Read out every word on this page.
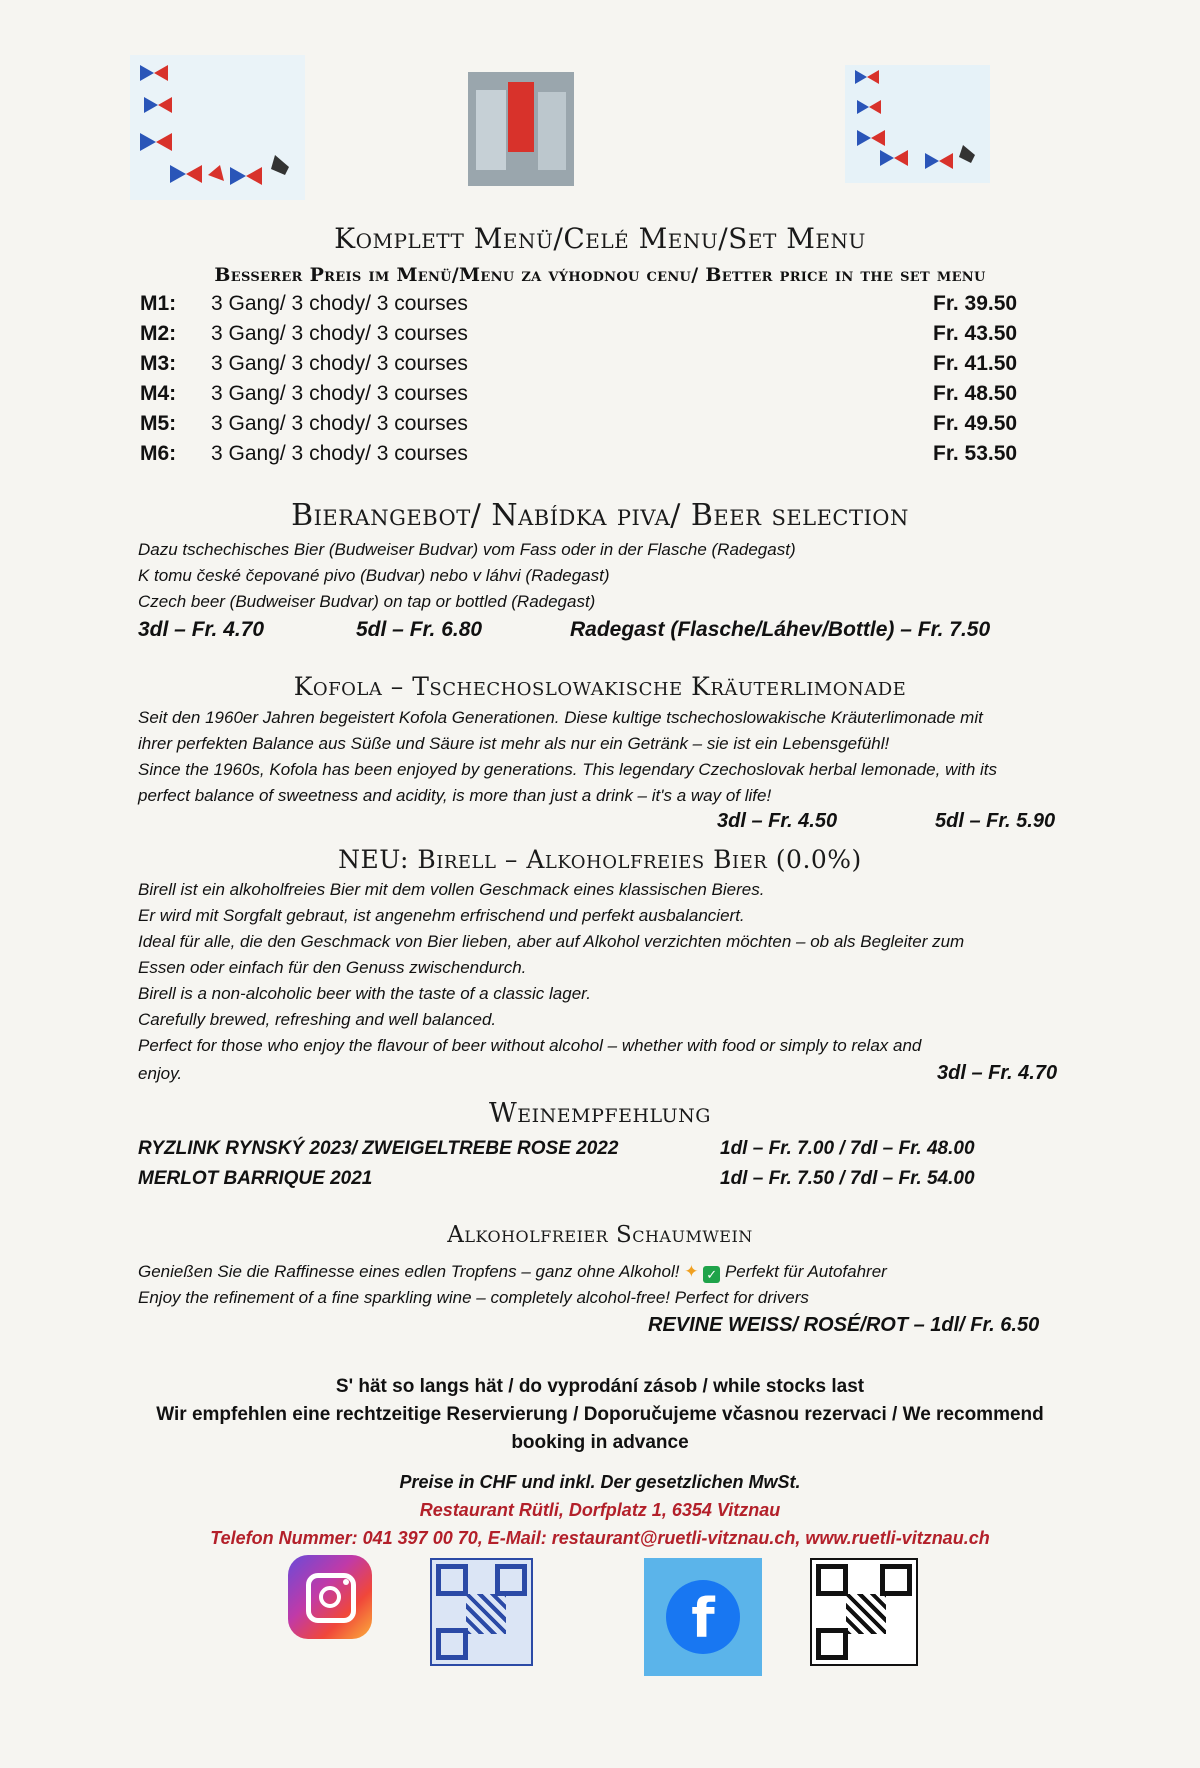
Komplett Menü/Celé Menu/Set Menu
Besserer Preis im Menü/Menu za výhodnou cenu/ Better price in the set menu
M1: 3 Gang/ 3 chody/ 3 courses	Fr. 39.50
M2: 3 Gang/ 3 chody/ 3 courses	Fr. 43.50
M3: 3 Gang/ 3 chody/ 3 courses	Fr. 41.50
M4: 3 Gang/ 3 chody/ 3 courses	Fr. 48.50
M5: 3 Gang/ 3 chody/ 3 courses	Fr. 49.50
M6: 3 Gang/ 3 chody/ 3 courses	Fr. 53.50
Bierangebot/ Nabídka piva/ Beer selection
Dazu tschechisches Bier (Budweiser Budvar) vom Fass oder in der Flasche (Radegast)
K tomu české čepované pivo (Budvar) nebo v láhvi (Radegast)
Czech beer (Budweiser Budvar) on tap or bottled (Radegast)
3dl – Fr. 4.70	5dl – Fr. 6.80	Radegast (Flasche/Láhev/Bottle) – Fr. 7.50
Kofola – Tschechoslowakische Kräuterlimonade
Seit den 1960er Jahren begeistert Kofola Generationen. Diese kultige tschechoslowakische Kräuterlimonade mit
ihrer perfekten Balance aus Süße und Säure ist mehr als nur ein Getränk – sie ist ein Lebensgefühl!
Since the 1960s, Kofola has been enjoyed by generations. This legendary Czechoslovak herbal lemonade, with its
perfect balance of sweetness and acidity, is more than just a drink – it's a way of life!
3dl – Fr. 4.50	5dl – Fr. 5.90
NEU: Birell – Alkoholfreies Bier (0.0%)
Birell ist ein alkoholfreies Bier mit dem vollen Geschmack eines klassischen Bieres.
Er wird mit Sorgfalt gebraut, ist angenehm erfrischend und perfekt ausbalanciert.
Ideal für alle, die den Geschmack von Bier lieben, aber auf Alkohol verzichten möchten – ob als Begleiter zum
Essen oder einfach für den Genuss zwischendurch.
Birell is a non-alcoholic beer with the taste of a classic lager.
Carefully brewed, refreshing and well balanced.
Perfect for those who enjoy the flavour of beer without alcohol – whether with food or simply to relax and
enjoy.	3dl – Fr. 4.70
Weinempfehlung
RYZLINK RYNSKÝ 2023/ ZWEIGELTREBE ROSE 2022	1dl – Fr. 7.00 / 7dl – Fr. 48.00
MERLOT BARRIQUE 2021	1dl – Fr. 7.50 / 7dl – Fr. 54.00
Alkoholfreier Schaumwein
Genießen Sie die Raffinesse eines edlen Tropfens – ganz ohne Alkohol! ✦ ✓ Perfekt für Autofahrer
Enjoy the refinement of a fine sparkling wine – completely alcohol-free! Perfect for drivers
REVINE WEISS/ ROSÉ/ROT – 1dl/ Fr. 6.50
S' hät so langs hät / do vyprodání zásob / while stocks last
Wir empfehlen eine rechtzeitige Reservierung / Doporučujeme včasnou rezervaci / We recommend
booking in advance
Preise in CHF und inkl. Der gesetzlichen MwSt.
Restaurant Rütli, Dorfplatz 1, 6354 Vitznau
Telefon Nummer: 041 397 00 70, E-Mail: restaurant@ruetli-vitznau.ch, www.ruetli-vitznau.ch
f
